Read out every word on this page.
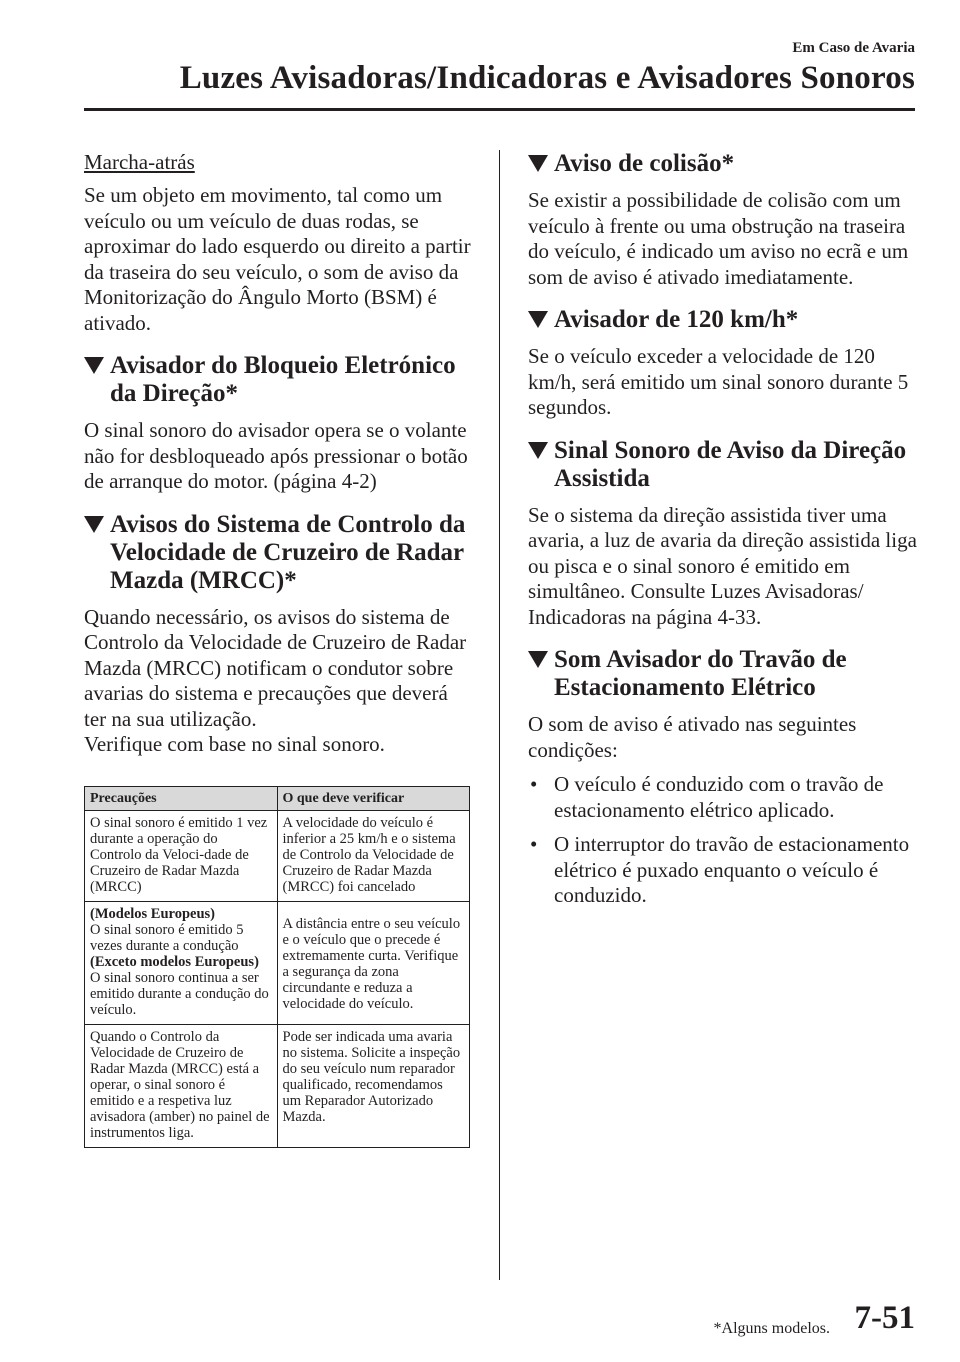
Em Caso de Avaria
Luzes Avisadoras/Indicadoras e Avisadores Sonoros
Marcha-atrás

Se um objeto em movimento, tal como um veículo ou um veículo de duas rodas, se aproximar do lado esquerdo ou direito a partir da traseira do seu veículo, o som de aviso da Monitorização do Ângulo Morto (BSM) é ativado.

Avisador do Bloqueio Eletrónico da Direção*

O sinal sonoro do avisador opera se o volante não for desbloqueado após pressionar o botão de arranque do motor. (página 4-2)

Avisos do Sistema de Controlo da Velocidade de Cruzeiro de Radar Mazda (MRCC)*

Quando necessário, os avisos do sistema de Controlo da Velocidade de Cruzeiro de Radar Mazda (MRCC) notificam o condutor sobre avarias do sistema e precauções que deverá ter na sua utilização.

Verifique com base no sinal sonoro.

Precauções	O que deve verificar
O sinal sonoro é emitido 1 vez durante a operação do Controlo da Veloci-dade de Cruzeiro de Radar Mazda (MRCC)	A velocidade do veículo é inferior a 25 km/h e o sistema de Controlo da Velocidade de Cruzeiro de Radar Mazda (MRCC) foi cancelado

(Modelos Europeus)
O sinal sonoro é emitido 5 vezes durante a condução
(Exceto modelos Europeus)
O sinal sonoro continua a ser emitido durante a condução do veículo.	A distância entre o seu veículo e o veículo que o precede é extremamente curta. Verifique a segurança da zona circundante e reduza a velocidade do veículo.
Quando o Controlo da Velocidade de Cruzeiro de Radar Mazda (MRCC) está a operar, o sinal sonoro é emitido e a respetiva luz avisadora (amber) no painel de instrumentos liga.	Pode ser indicada uma avaria no sistema. Solicite a inspeção do seu veículo num reparador qualificado, recomendamos um Reparador Autorizado Mazda.
Aviso de colisão*

Se existir a possibilidade de colisão com um veículo à frente ou uma obstrução na traseira do veículo, é indicado um aviso no ecrã e um som de aviso é ativado imediatamente.

Avisador de 120 km/h*

Se o veículo exceder a velocidade de 120 km/h, será emitido um sinal sonoro durante 5 segundos.

Sinal Sonoro de Aviso da Direção Assistida

Se o sistema da direção assistida tiver uma avaria, a luz de avaria da direção assistida liga ou pisca e o sinal sonoro é emitido em simultâneo. Consulte Luzes Avisadoras/ Indicadoras na página 4-33.

Som Avisador do Travão de Estacionamento Elétrico

O som de aviso é ativado nas seguintes condições:

• O veículo é conduzido com o travão de estacionamento elétrico aplicado.
• O interruptor do travão de estacionamento elétrico é puxado enquanto o veículo é conduzido.
*Alguns modelos. 7-51
